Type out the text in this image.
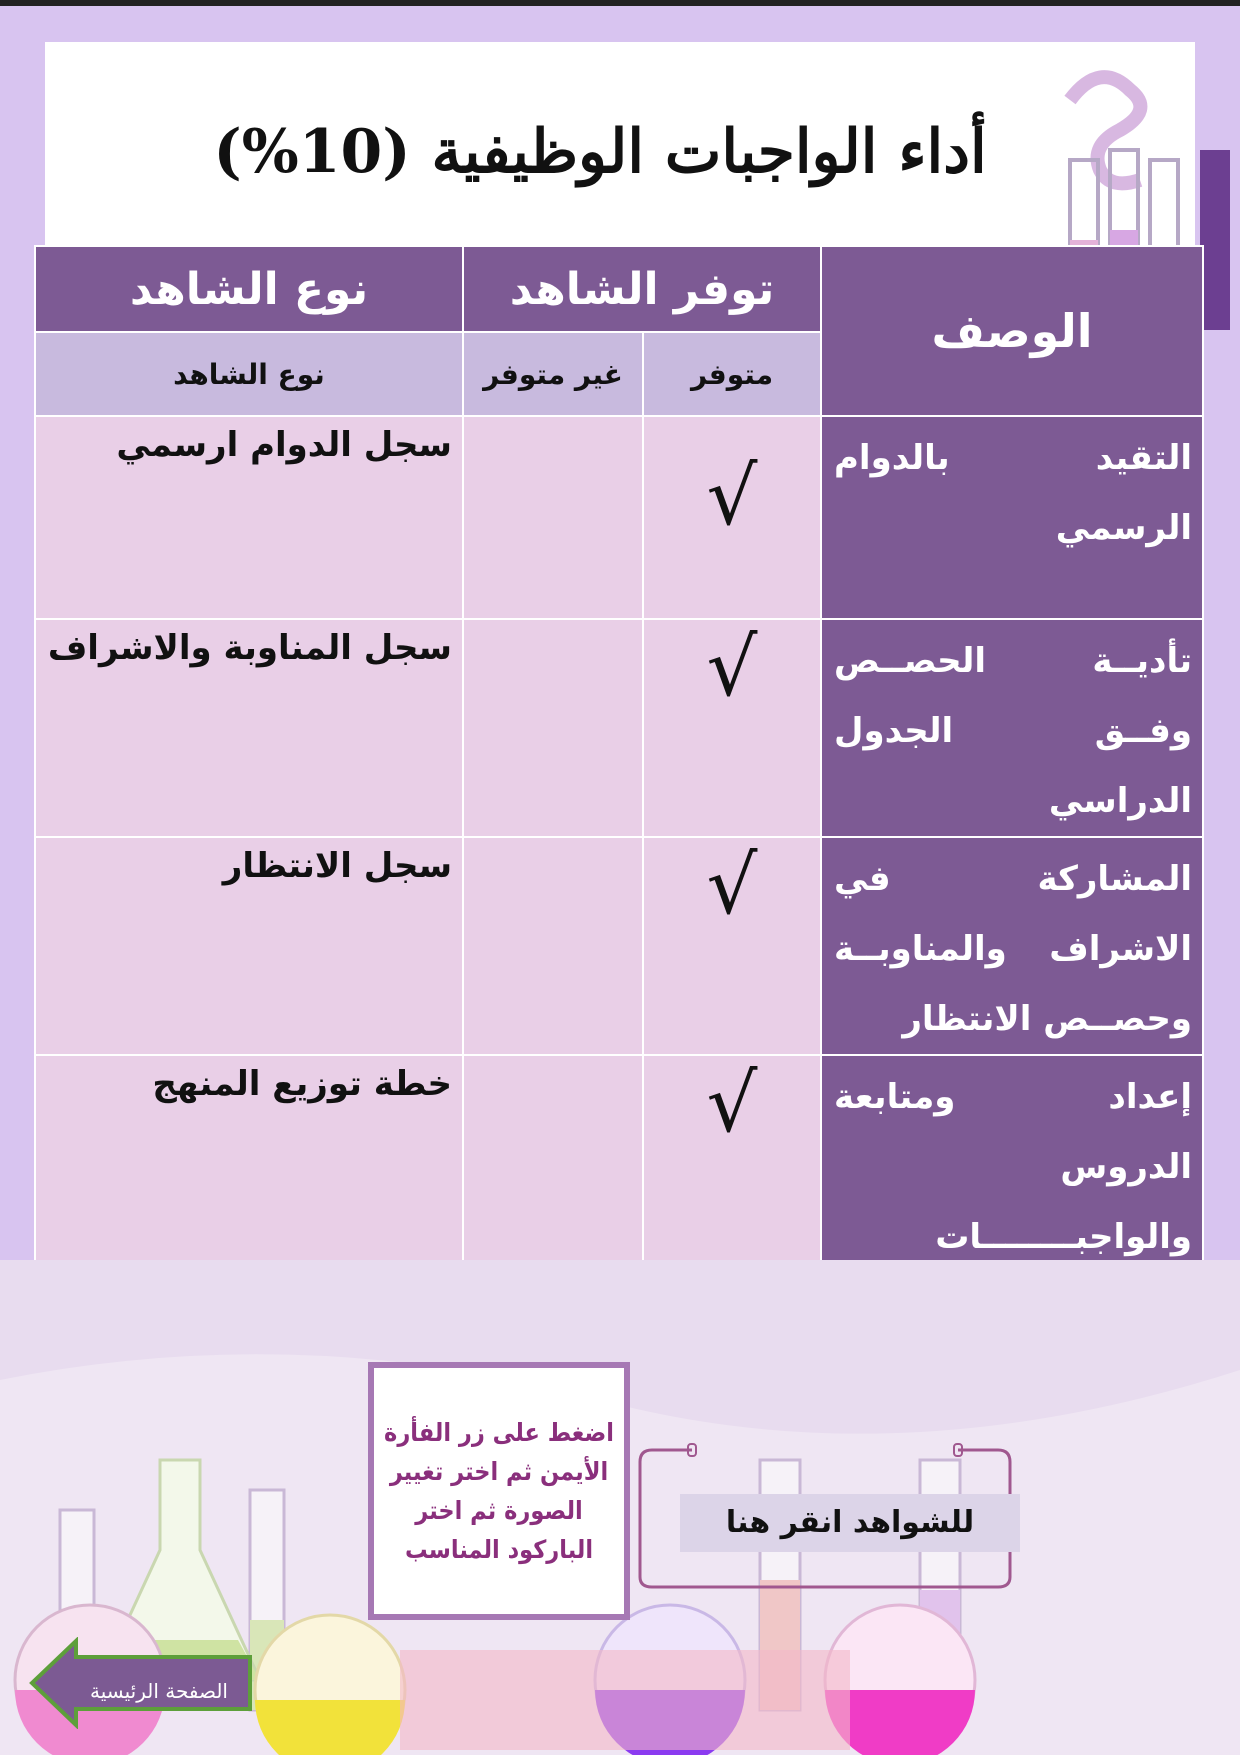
أداء الواجبات الوظيفية (10%)
الوصف	توفر الشاهد		نوع الشاهد
	متوفر	غير متوفر	نوع الشاهد
التقيد بالدوام الرسمي	√		سجل الدوام ارسمي
تأديــة الحصــص وفــق الجدول الدراسي	√		سجل المناوبة والاشراف
المشاركة في الاشراف والمناوبــة وحصــص الانتظار	√		سجل الانتظار
إعداد ومتابعة الدروس والواجبــــــــات	√		خطة توزيع المنهج
اضغط على زر الفأرة الأيمن ثم اختر تغيير الصورة ثم اختر الباركود المناسب
للشواهد انقر هنا
الصفحة الرئيسية
